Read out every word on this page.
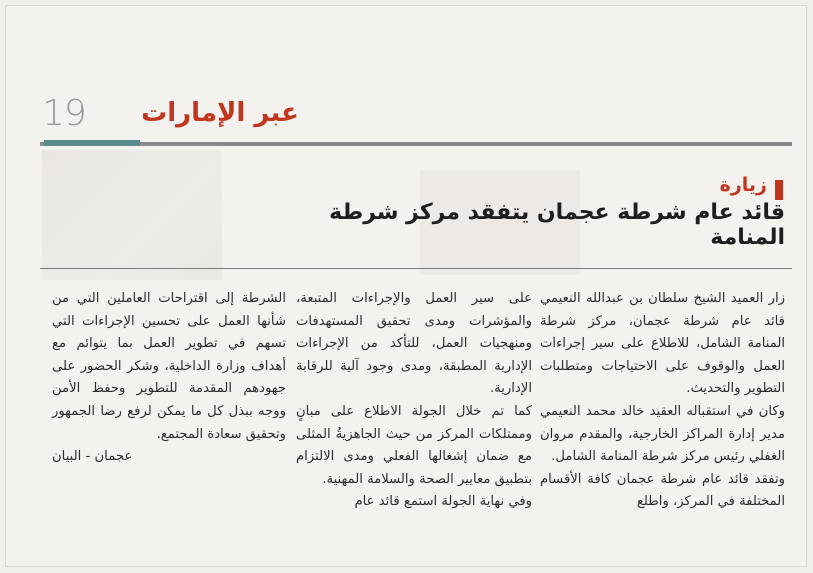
19 عبر الإمارات
زيارة
قائد عام شرطة عجمان يتفقد مركز شرطة المنامة

زار العميد الشيخ سلطان بن عبدالله النعيمي قائد عام شرطة عجمان، مركز شرطة المنامة الشامل، للاطلاع على سير إجراءات العمل والوقوف على الاحتياجات ومتطلبات التطوير والتحديث.

وكان في استقباله العقيد خالد محمد النعيمي مدير إدارة المراكز الخارجية، والمقدم مروان الغفلي رئيس مركز شرطة المنامة الشامل.

وتفقد قائد عام شرطة عجمان كافة الأقسام المختلفة في المركز، واطلع

على سير العمل والإجراءات المتبعة، والمؤشرات ومدى تحقيق المستهدفات ومنهجيات العمل، للتأكد من الإجراءات الإدارية المطبقة، ومدى وجود آلية للرقابة الإدارية.

كما تم خلال الجولة الاطلاع على مبانٍ وممتلكات المركز من حيث الجاهزيةُ المثلى مع ضمان إشغالها الفعلي ومدى الالتزام بتطبيق معايير الصحة والسلامة المهنية.

وفي نهاية الجولة استمع قائد عام

الشرطة إلى اقتراحات العاملين التي من شأنها العمل على تحسين الإجراءات التي تسهم في تطوير العمل بما يتوائم مع أهداف وزارة الداخلية، وشكر الحضور على جهودهم المقدمة للتطوير وحفظ الأمن ووجه ببذل كل ما يمكن لرفع رضا الجمهور وتحقيق سعادة المجتمع.

عجمان - البيان
